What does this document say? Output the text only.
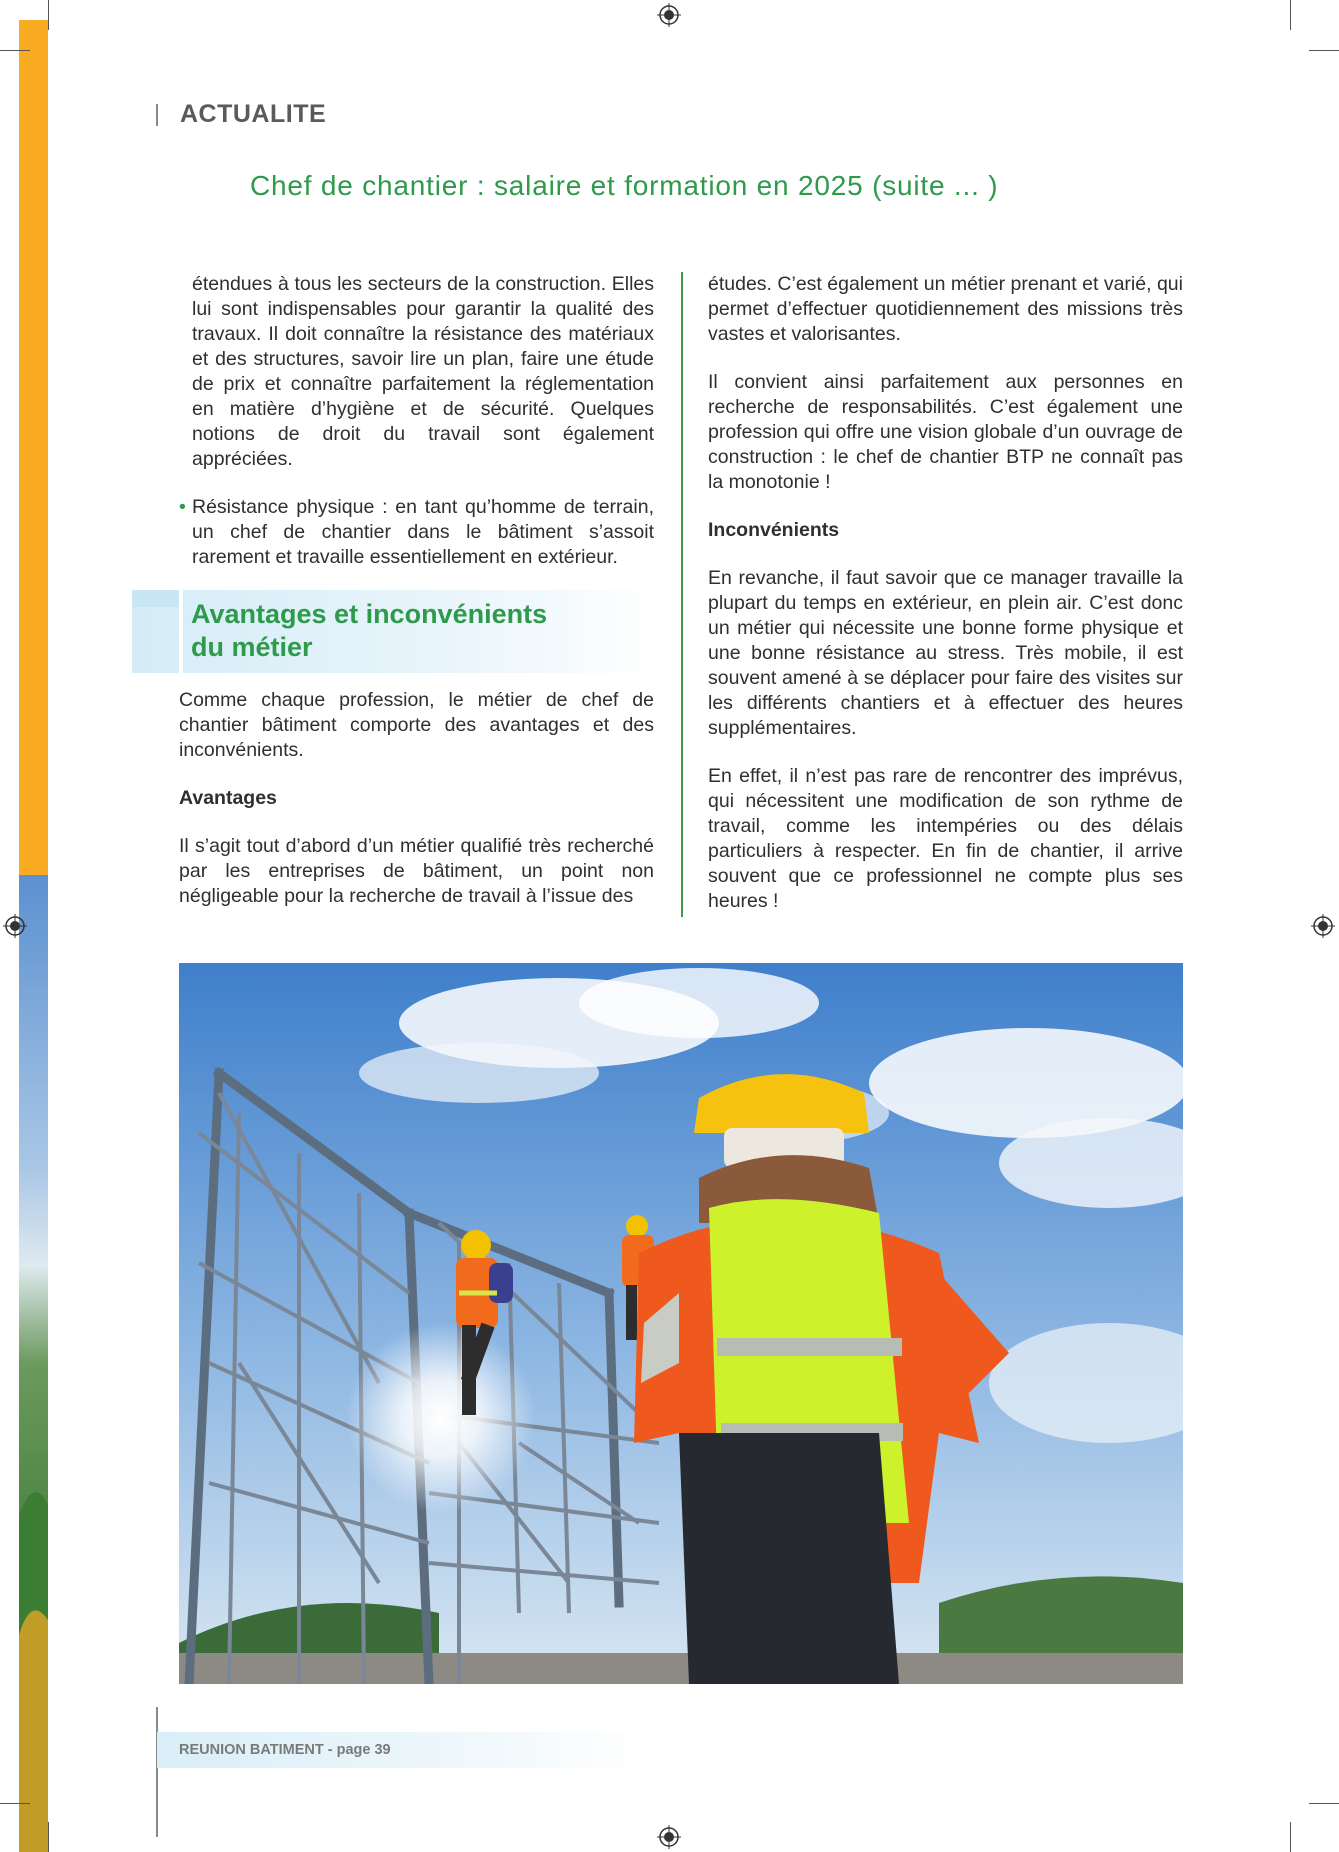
ACTUALITE
Chef de chantier : salaire et formation en 2025 (suite ... )

étendues à tous les secteurs de la construction. Elles lui sont indispensables pour garantir la qualité des travaux. Il doit connaître la résistance des matériaux et des structures, savoir lire un plan, faire une étude de prix et connaître parfaitement la réglementation en matière d’hygiène et de sécurité. Quelques notions de droit du travail sont également appréciées.

• Résistance physique : en tant qu’homme de terrain, un chef de chantier dans le bâtiment s’assoit rarement et travaille essentiellement en extérieur.

Avantages et inconvénients
du métier

Comme chaque profession, le métier de chef de chantier bâtiment comporte des avantages et des inconvénients.

Avantages

Il s’agit tout d’abord d’un métier qualifié très recherché par les entreprises de bâtiment, un point non négligeable pour la recherche de travail à l’issue des

études. C’est également un métier prenant et varié, qui permet d’effectuer quotidiennement des missions très vastes et valorisantes.

Il convient ainsi parfaitement aux personnes en recherche de responsabilités. C’est également une profession qui offre une vision globale d’un ouvrage de construction : le chef de chantier BTP ne connaît pas la monotonie !

Inconvénients

En revanche, il faut savoir que ce manager travaille la plupart du temps en extérieur, en plein air. C’est donc un métier qui nécessite une bonne forme physique et une bonne résistance au stress. Très mobile, il est souvent amené à se déplacer pour faire des visites sur les différents chantiers et à effectuer des heures supplémentaires.

En effet, il n’est pas rare de rencontrer des imprévus, qui nécessitent une modification de son rythme de travail, comme les intempéries ou des délais particuliers à respecter. En fin de chantier, il arrive souvent que ce professionnel ne compte plus ses heures !

REUNION BATIMENT - page 39
